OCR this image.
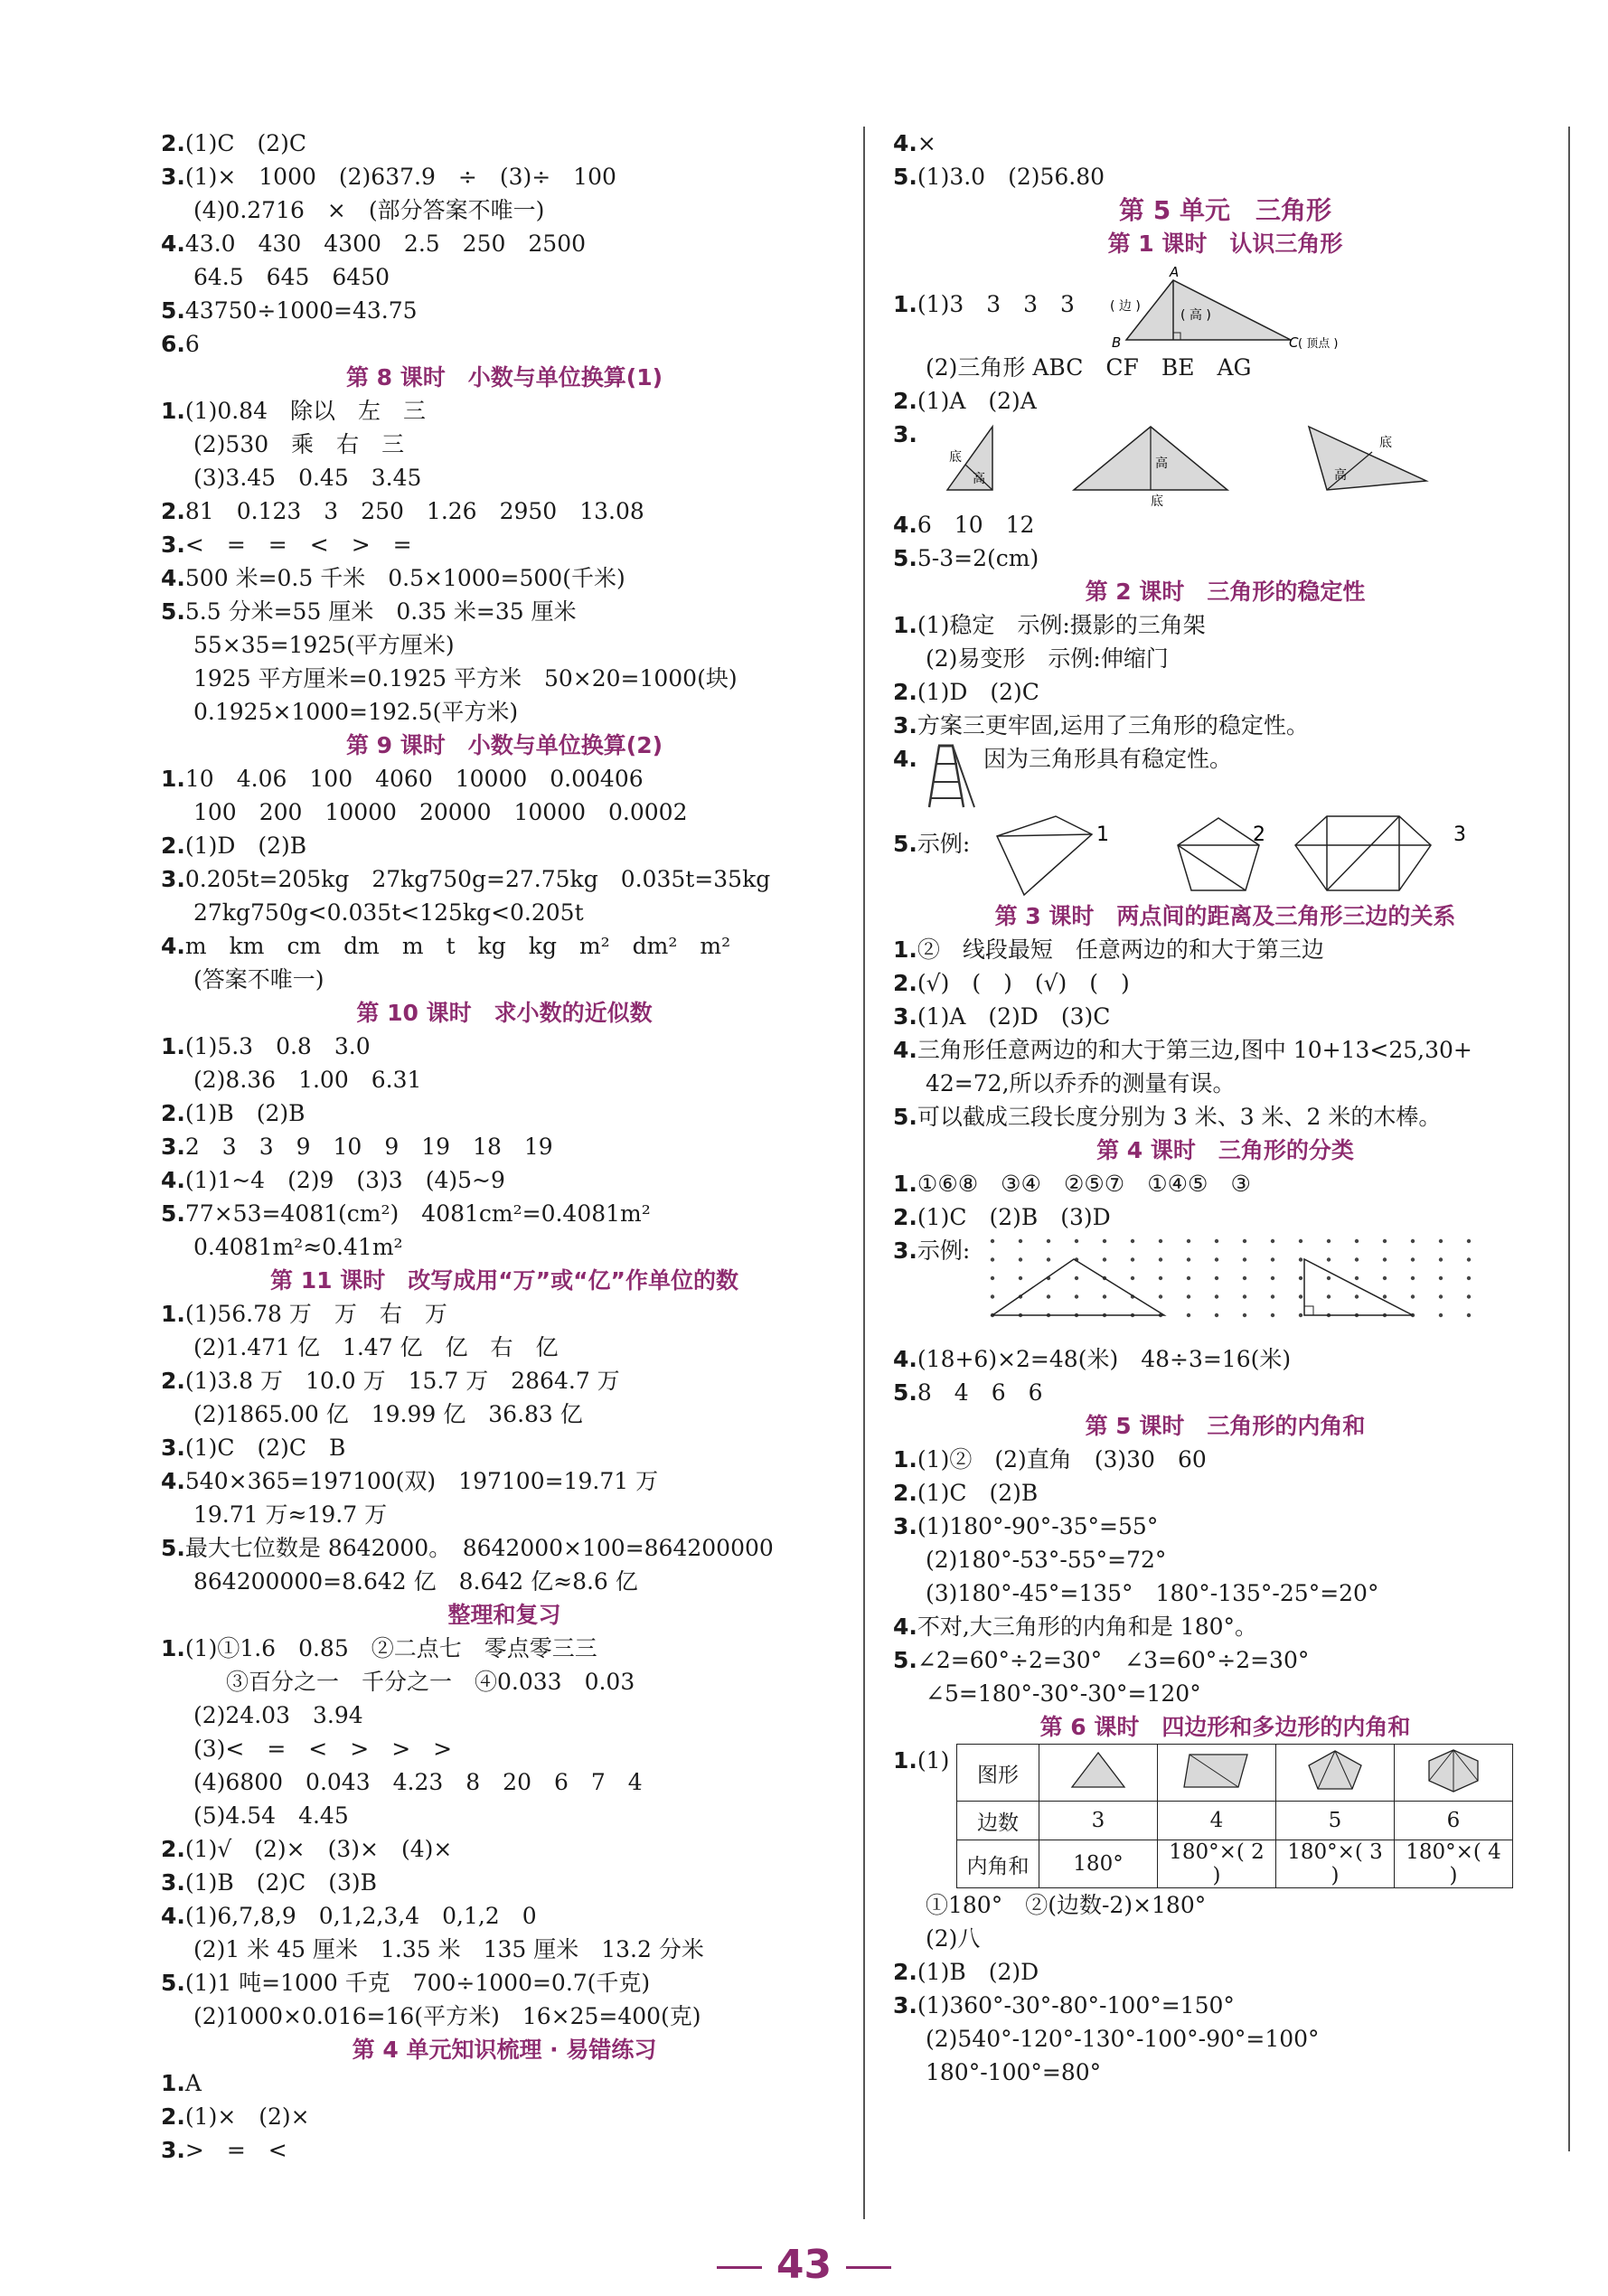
2.(1)C　(2)C
3.(1)×　1000　(2)637.9　÷　(3)÷　100
(4)0.2716　×　(部分答案不唯一)
4.43.0　430　4300　2.5　250　2500
64.5　645　6450
5.43750÷1000=43.75
6.6
第 8 课时　小数与单位换算(1)
1.(1)0.84　除以　左　三
(2)530　乘　右　三
(3)3.45　0.45　3.45
2.81　0.123　3　250　1.26　2950　13.08
3.<　=　=　<　>　=
4.500 米=0.5 千米　0.5×1000=500(千米)
5.5.5 分米=55 厘米　0.35 米=35 厘米
55×35=1925(平方厘米)
1925 平方厘米=0.1925 平方米　50×20=1000(块)
0.1925×1000=192.5(平方米)
第 9 课时　小数与单位换算(2)
1.10　4.06　100　4060　10000　0.00406
100　200　10000　20000　10000　0.0002
2.(1)D　(2)B
3.0.205t=205kg　27kg750g=27.75kg　0.035t=35kg
27kg750g<0.035t<125kg<0.205t
4.m　km　cm　dm　m　t　kg　kg　m²　dm²　m²
(答案不唯一)
第 10 课时　求小数的近似数
1.(1)5.3　0.8　3.0
(2)8.36　1.00　6.31
2.(1)B　(2)B
3.2　3　3　9　10　9　19　18　19
4.(1)1~4　(2)9　(3)3　(4)5~9
5.77×53=4081(cm²)　4081cm²=0.4081m²
0.4081m²≈0.41m²
第 11 课时　改写成用“万”或“亿”作单位的数
1.(1)56.78 万　万　右　万
(2)1.471 亿　1.47 亿　亿　右　亿
2.(1)3.8 万　10.0 万　15.7 万　2864.7 万
(2)1865.00 亿　19.99 亿　36.83 亿
3.(1)C　(2)C　B
4.540×365=197100(双)　197100=19.71 万
19.71 万≈19.7 万
5.最大七位数是 8642000。　8642000×100=864200000
864200000=8.642 亿　8.642 亿≈8.6 亿
整理和复习
1.(1)①1.6　0.85　②二点七　零点零三三
③百分之一　千分之一　④0.033　0.03
(2)24.03　3.94
(3)<　=　<　>　>　>
(4)6800　0.043　4.23　8　20　6　7　4
(5)4.54　4.45
2.(1)√　(2)×　(3)×　(4)×
3.(1)B　(2)C　(3)B
4.(1)6,7,8,9　0,1,2,3,4　0,1,2　0
(2)1 米 45 厘米　1.35 米　135 厘米　13.2 分米
5.(1)1 吨=1000 千克　700÷1000=0.7(千克)
(2)1000×0.016=16(平方米)　16×25=400(克)
第 4 单元知识梳理 · 易错练习
1.A
2.(1)×　(2)×
3.>　=　<
4.×
5.(1)3.0　(2)56.80
第 5 单元　三角形
第 1 课时　认识三角形
1.(1)3　3　3　3
A
B	C
( 边 )
( 高 )
( 顶点 )
(2)三角形 ABC　CF　BE　AG
2.(1)A　(2)A
3.
底
高
高
底
底
高
4.6　10　12
5.5-3=2(cm)
第 2 课时　三角形的稳定性
1.(1)稳定　示例:摄影的三角架
(2)易变形　示例:伸缩门
2.(1)D　(2)C
3.方案三更牢固,运用了三角形的稳定性。
4.	因为三角形具有稳定性。
5.示例:	1	2	3
第 3 课时　两点间的距离及三角形三边的关系
1.②　线段最短　任意两边的和大于第三边
2.(√)　(　)　(√)　(　)
3.(1)A　(2)D　(3)C
4.三角形任意两边的和大于第三边,图中 10+13<25,30+
42=72,所以乔乔的测量有误。
5.可以截成三段长度分别为 3 米、3 米、2 米的木棒。
第 4 课时　三角形的分类
1.①⑥⑧　③④　②⑤⑦　①④⑤　③
2.(1)C　(2)B　(3)D
3.示例:
4.(18+6)×2=48(米)　48÷3=16(米)
5.8　4　6　6
第 5 课时　三角形的内角和
1.(1)②　(2)直角　(3)30　60
2.(1)C　(2)B
3.(1)180°-90°-35°=55°
(2)180°-53°-55°=72°
(3)180°-45°=135°　180°-135°-25°=20°
4.不对,大三角形的内角和是 180°。
5.∠2=60°÷2=30°　∠3=60°÷2=30°
∠5=180°-30°-30°=120°
第 6 课时　四边形和多边形的内角和
1.(1)
图形				
边数	3	4	5	6
内角和	180°	180°×( 2 )	180°×( 3 )	180°×( 4 )
①180°　②(边数-2)×180°
(2)八
2.(1)B　(2)D
3.(1)360°-30°-80°-100°=150°
(2)540°-120°-130°-100°-90°=100°
180°-100°=80°
43
